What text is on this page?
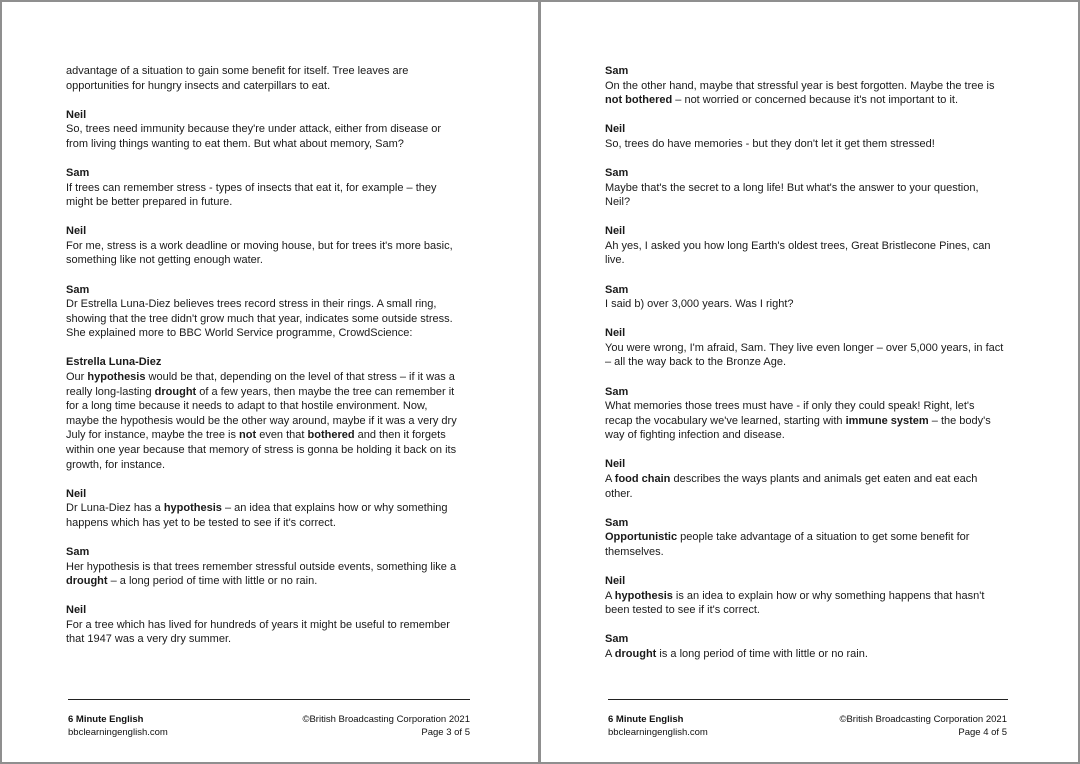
advantage of a situation to gain some benefit for itself. Tree leaves are
opportunities for hungry insects and caterpillars to eat.
Neil
So, trees need immunity because they're under attack, either from disease or
from living things wanting to eat them. But what about memory, Sam?
Sam
If trees can remember stress - types of insects that eat it, for example – they
might be better prepared in future.
Neil
For me, stress is a work deadline or moving house, but for trees it's more basic,
something like not getting enough water.
Sam
Dr Estrella Luna-Diez believes trees record stress in their rings. A small ring,
showing that the tree didn't grow much that year, indicates some outside stress.
She explained more to BBC World Service programme, CrowdScience:
Estrella Luna-Diez
Our hypothesis would be that, depending on the level of that stress – if it was a
really long-lasting drought of a few years, then maybe the tree can remember it
for a long time because it needs to adapt to that hostile environment. Now,
maybe the hypothesis would be the other way around, maybe if it was a very dry
July for instance, maybe the tree is not even that bothered and then it forgets
within one year because that memory of stress is gonna be holding it back on its
growth, for instance.
Neil
Dr Luna-Diez has a hypothesis – an idea that explains how or why something
happens which has yet to be tested to see if it's correct.
Sam
Her hypothesis is that trees remember stressful outside events, something like a
drought – a long period of time with little or no rain.
Neil
For a tree which has lived for hundreds of years it might be useful to remember
that 1947 was a very dry summer.
6 Minute English
bbclearningenglish.com
©British Broadcasting Corporation 2021
Page 3 of 5
Sam
On the other hand, maybe that stressful year is best forgotten. Maybe the tree is
not bothered – not worried or concerned because it's not important to it.
Neil
So, trees do have memories - but they don't let it get them stressed!
Sam
Maybe that's the secret to a long life! But what's the answer to your question,
Neil?
Neil
Ah yes, I asked you how long Earth's oldest trees, Great Bristlecone Pines, can
live.
Sam
I said b) over 3,000 years. Was I right?
Neil
You were wrong, I'm afraid, Sam. They live even longer – over 5,000 years, in fact
– all the way back to the Bronze Age.
Sam
What memories those trees must have - if only they could speak! Right, let's
recap the vocabulary we've learned, starting with immune system – the body's
way of fighting infection and disease.
Neil
A food chain describes the ways plants and animals get eaten and eat each
other.
Sam
Opportunistic people take advantage of a situation to get some benefit for
themselves.
Neil
A hypothesis is an idea to explain how or why something happens that hasn't
been tested to see if it's correct.
Sam
A drought is a long period of time with little or no rain.
6 Minute English
bbclearningenglish.com
©British Broadcasting Corporation 2021
Page 4 of 5
